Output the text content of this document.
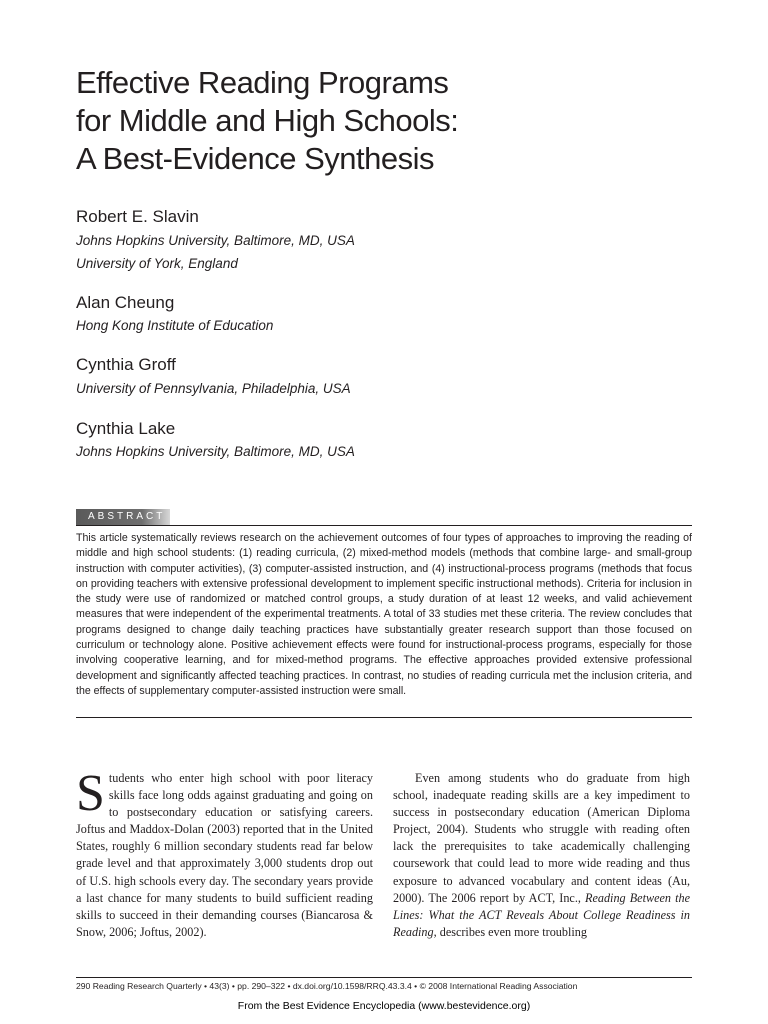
Effective Reading Programs
for Middle and High Schools:
A Best-Evidence Synthesis
Robert E. Slavin
Johns Hopkins University, Baltimore, MD, USA
University of York, England
Alan Cheung
Hong Kong Institute of Education
Cynthia Groff
University of Pennsylvania, Philadelphia, USA
Cynthia Lake
Johns Hopkins University, Baltimore, MD, USA
ABSTRACT

This article systematically reviews research on the achievement outcomes of four types of approaches to improving the reading of middle and high school students: (1) reading curricula, (2) mixed-method models (methods that combine large- and small-group instruction with computer activities), (3) computer-assisted instruction, and (4) instructional-process programs (methods that focus on providing teachers with extensive professional development to implement specific instructional methods). Criteria for inclusion in the study were use of randomized or matched control groups, a study duration of at least 12 weeks, and valid achievement measures that were independent of the experimental treatments. A total of 33 studies met these criteria. The review concludes that programs designed to change daily teaching practices have substantially greater research support than those focused on curriculum or technology alone. Positive achievement effects were found for instructional-process programs, especially for those involving cooperative learning, and for mixed-method programs. The effective approaches provided extensive professional development and significantly affected teaching practices. In contrast, no studies of reading curricula met the inclusion criteria, and the effects of supplementary computer-assisted instruction were small.

Students who enter high school with poor literacy skills face long odds against graduating and going on to postsecondary education or satisfying careers. Joftus and Maddox-Dolan (2003) reported that in the United States, roughly 6 million secondary students read far below grade level and that approximately 3,000 students drop out of U.S. high schools every day. The secondary years provide a last chance for many students to build sufficient reading skills to succeed in their demanding courses (Biancarosa & Snow, 2006; Joftus, 2002).

Even among students who do graduate from high school, inadequate reading skills are a key impediment to success in postsecondary education (American Diploma Project, 2004). Students who struggle with reading often lack the prerequisites to take academically challenging coursework that could lead to more wide reading and thus exposure to advanced vocabulary and content ideas (Au, 2000). The 2006 report by ACT, Inc., Reading Between the Lines: What the ACT Reveals About College Readiness in Reading, describes even more troubling

290 Reading Research Quarterly • 43(3) • pp. 290–322 • dx.doi.org/10.1598/RRQ.43.3.4 • © 2008 International Reading Association
From the Best Evidence Encyclopedia (www.bestevidence.org)
